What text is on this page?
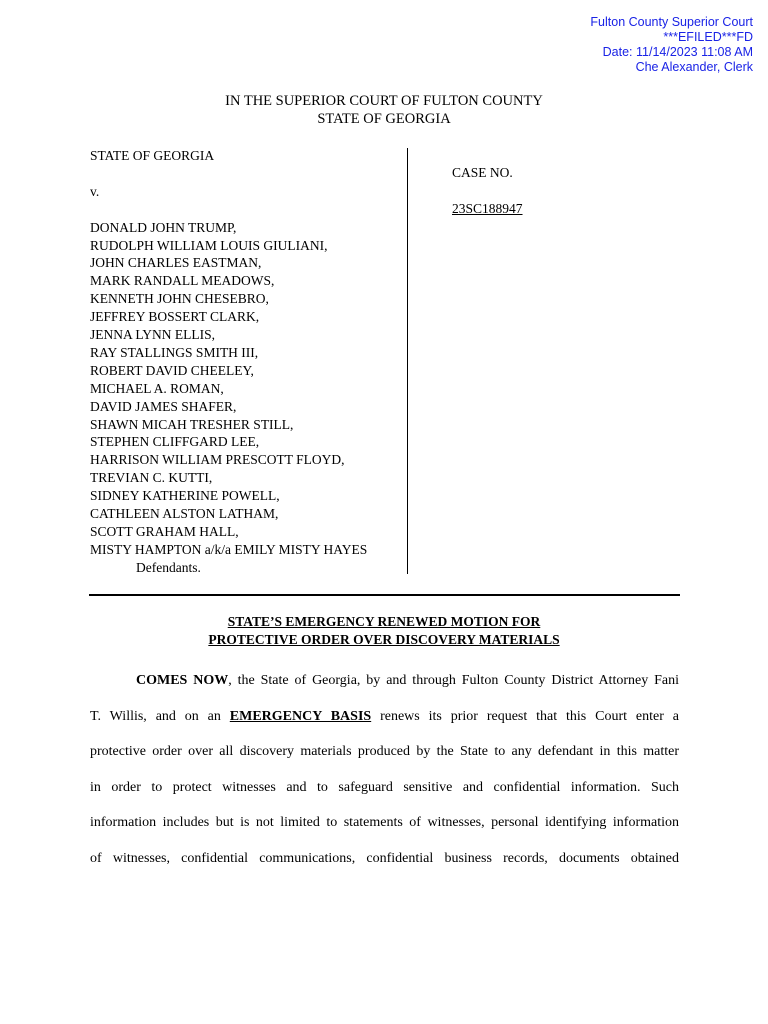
Fulton County Superior Court
***EFILED***FD
Date: 11/14/2023 11:08 AM
Che Alexander, Clerk
IN THE SUPERIOR COURT OF FULTON COUNTY
STATE OF GEORGIA
STATE OF GEORGIA
v.
DONALD JOHN TRUMP,
RUDOLPH WILLIAM LOUIS GIULIANI,
JOHN CHARLES EASTMAN,
MARK RANDALL MEADOWS,
KENNETH JOHN CHESEBRO,
JEFFREY BOSSERT CLARK,
JENNA LYNN ELLIS,
RAY STALLINGS SMITH III,
ROBERT DAVID CHEELEY,
MICHAEL A. ROMAN,
DAVID JAMES SHAFER,
SHAWN MICAH TRESHER STILL,
STEPHEN CLIFFGARD LEE,
HARRISON WILLIAM PRESCOTT FLOYD,
TREVIAN C. KUTTI,
SIDNEY KATHERINE POWELL,
CATHLEEN ALSTON LATHAM,
SCOTT GRAHAM HALL,
MISTY HAMPTON a/k/a EMILY MISTY HAYES
Defendants.
CASE NO.
23SC188947
STATE’S EMERGENCY RENEWED MOTION FOR
PROTECTIVE ORDER OVER DISCOVERY MATERIALS
COMES NOW, the State of Georgia, by and through Fulton County District Attorney Fani
T. Willis, and on an EMERGENCY BASIS renews its prior request that this Court enter a
protective order over all discovery materials produced by the State to any defendant in this matter
in order to protect witnesses and to safeguard sensitive and confidential information. Such
information includes but is not limited to statements of witnesses, personal identifying information
of witnesses, confidential communications, confidential business records, documents obtained
